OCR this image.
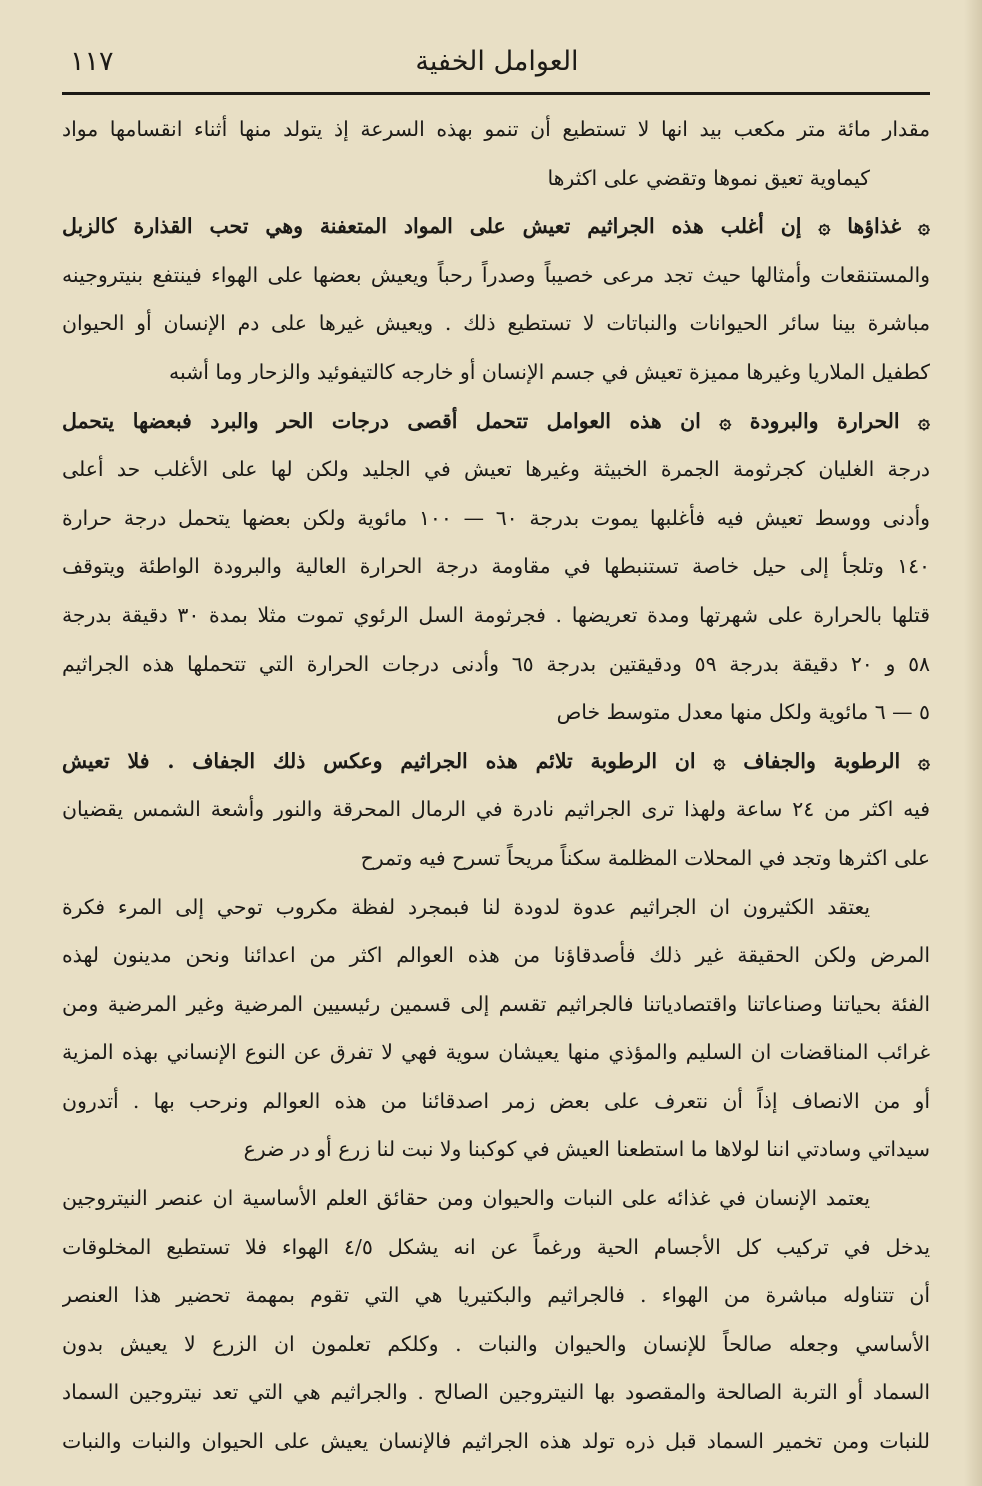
١١٧	العوامل الخفية
مقدار مائة متر مكعب بيد انها لا تستطيع أن تنمو بهذه السرعة إذ يتولد منها أثناء انقسامها مواد
كيماوية تعيق نموها وتقضي على اكثرها
۞ غذاؤها ۞ إن أغلب هذه الجراثيم تعيش على المواد المتعفنة وهي تحب القذارة كالزبل
والمستنقعات وأمثالها حيث تجد مرعى خصيباً وصدراً رحباً ويعيش بعضها على الهواء فينتفع بنيتروجينه
مباشرة بينا سائر الحيوانات والنباتات لا تستطيع ذلك . ويعيش غيرها على دم الإنسان أو الحيوان
كطفيل الملاريا وغيرها مميزة تعيش في جسم الإنسان أو خارجه كالتيفوئيد والزحار وما أشبه
۞ الحرارة والبرودة ۞ ان هذه العوامل تتحمل أقصى درجات الحر والبرد فبعضها يتحمل
درجة الغليان كجرثومة الجمرة الخبيثة وغيرها تعيش في الجليد ولكن لها على الأغلب حد أعلى
وأدنى ووسط تعيش فيه فأغلبها يموت بدرجة ٦٠ — ١٠٠ مائوية ولكن بعضها يتحمل درجة حرارة
١٤٠ وتلجأ إلى حيل خاصة تستنبطها في مقاومة درجة الحرارة العالية والبرودة الواطئة ويتوقف
قتلها بالحرارة على شهرتها ومدة تعريضها . فجرثومة السل الرئوي تموت مثلا بمدة ٣٠ دقيقة بدرجة
٥٨ و ٢٠ دقيقة بدرجة ٥٩ ودقيقتين بدرجة ٦٥ وأدنى درجات الحرارة التي تتحملها هذه الجراثيم
٥ — ٦ مائوية ولكل منها معدل متوسط خاص
۞ الرطوبة والجفاف ۞ ان الرطوبة تلائم هذه الجراثيم وعكس ذلك الجفاف . فلا تعيش
فيه اكثر من ٢٤ ساعة ولهذا ترى الجراثيم نادرة في الرمال المحرقة والنور وأشعة الشمس يقضيان
على اكثرها وتجد في المحلات المظلمة سكناً مريحاً تسرح فيه وتمرح
يعتقد الكثيرون ان الجراثيم عدوة لدودة لنا فبمجرد لفظة مكروب توحي إلى المرء فكرة
المرض ولكن الحقيقة غير ذلك فأصدقاؤنا من هذه العوالم اكثر من اعدائنا ونحن مدينون لهذه
الفئة بحياتنا وصناعاتنا واقتصادياتنا فالجراثيم تقسم إلى قسمين رئيسيين المرضية وغير المرضية ومن
غرائب المناقضات ان السليم والمؤذي منها يعيشان سوية فهي لا تفرق عن النوع الإنساني بهذه المزية
أو من الانصاف إذاً أن نتعرف على بعض زمر اصدقائنا من هذه العوالم ونرحب بها . أتدرون
سيداتي وسادتي اننا لولاها ما استطعنا العيش في كوكبنا ولا نبت لنا زرع أو در ضرع
يعتمد الإنسان في غذائه على النبات والحيوان ومن حقائق العلم الأساسية ان عنصر النيتروجين
يدخل في تركيب كل الأجسام الحية ورغماً عن انه يشكل ٤/٥ الهواء فلا تستطيع المخلوقات
أن تتناوله مباشرة من الهواء . فالجراثيم والبكتيريا هي التي تقوم بمهمة تحضير هذا العنصر
الأساسي وجعله صالحاً للإنسان والحيوان والنبات . وكلكم تعلمون ان الزرع لا يعيش بدون
السماد أو التربة الصالحة والمقصود بها النيتروجين الصالح . والجراثيم هي التي تعد نيتروجين السماد
للنبات ومن تخمير السماد قبل ذره تولد هذه الجراثيم فالإنسان يعيش على الحيوان والنبات والنبات
